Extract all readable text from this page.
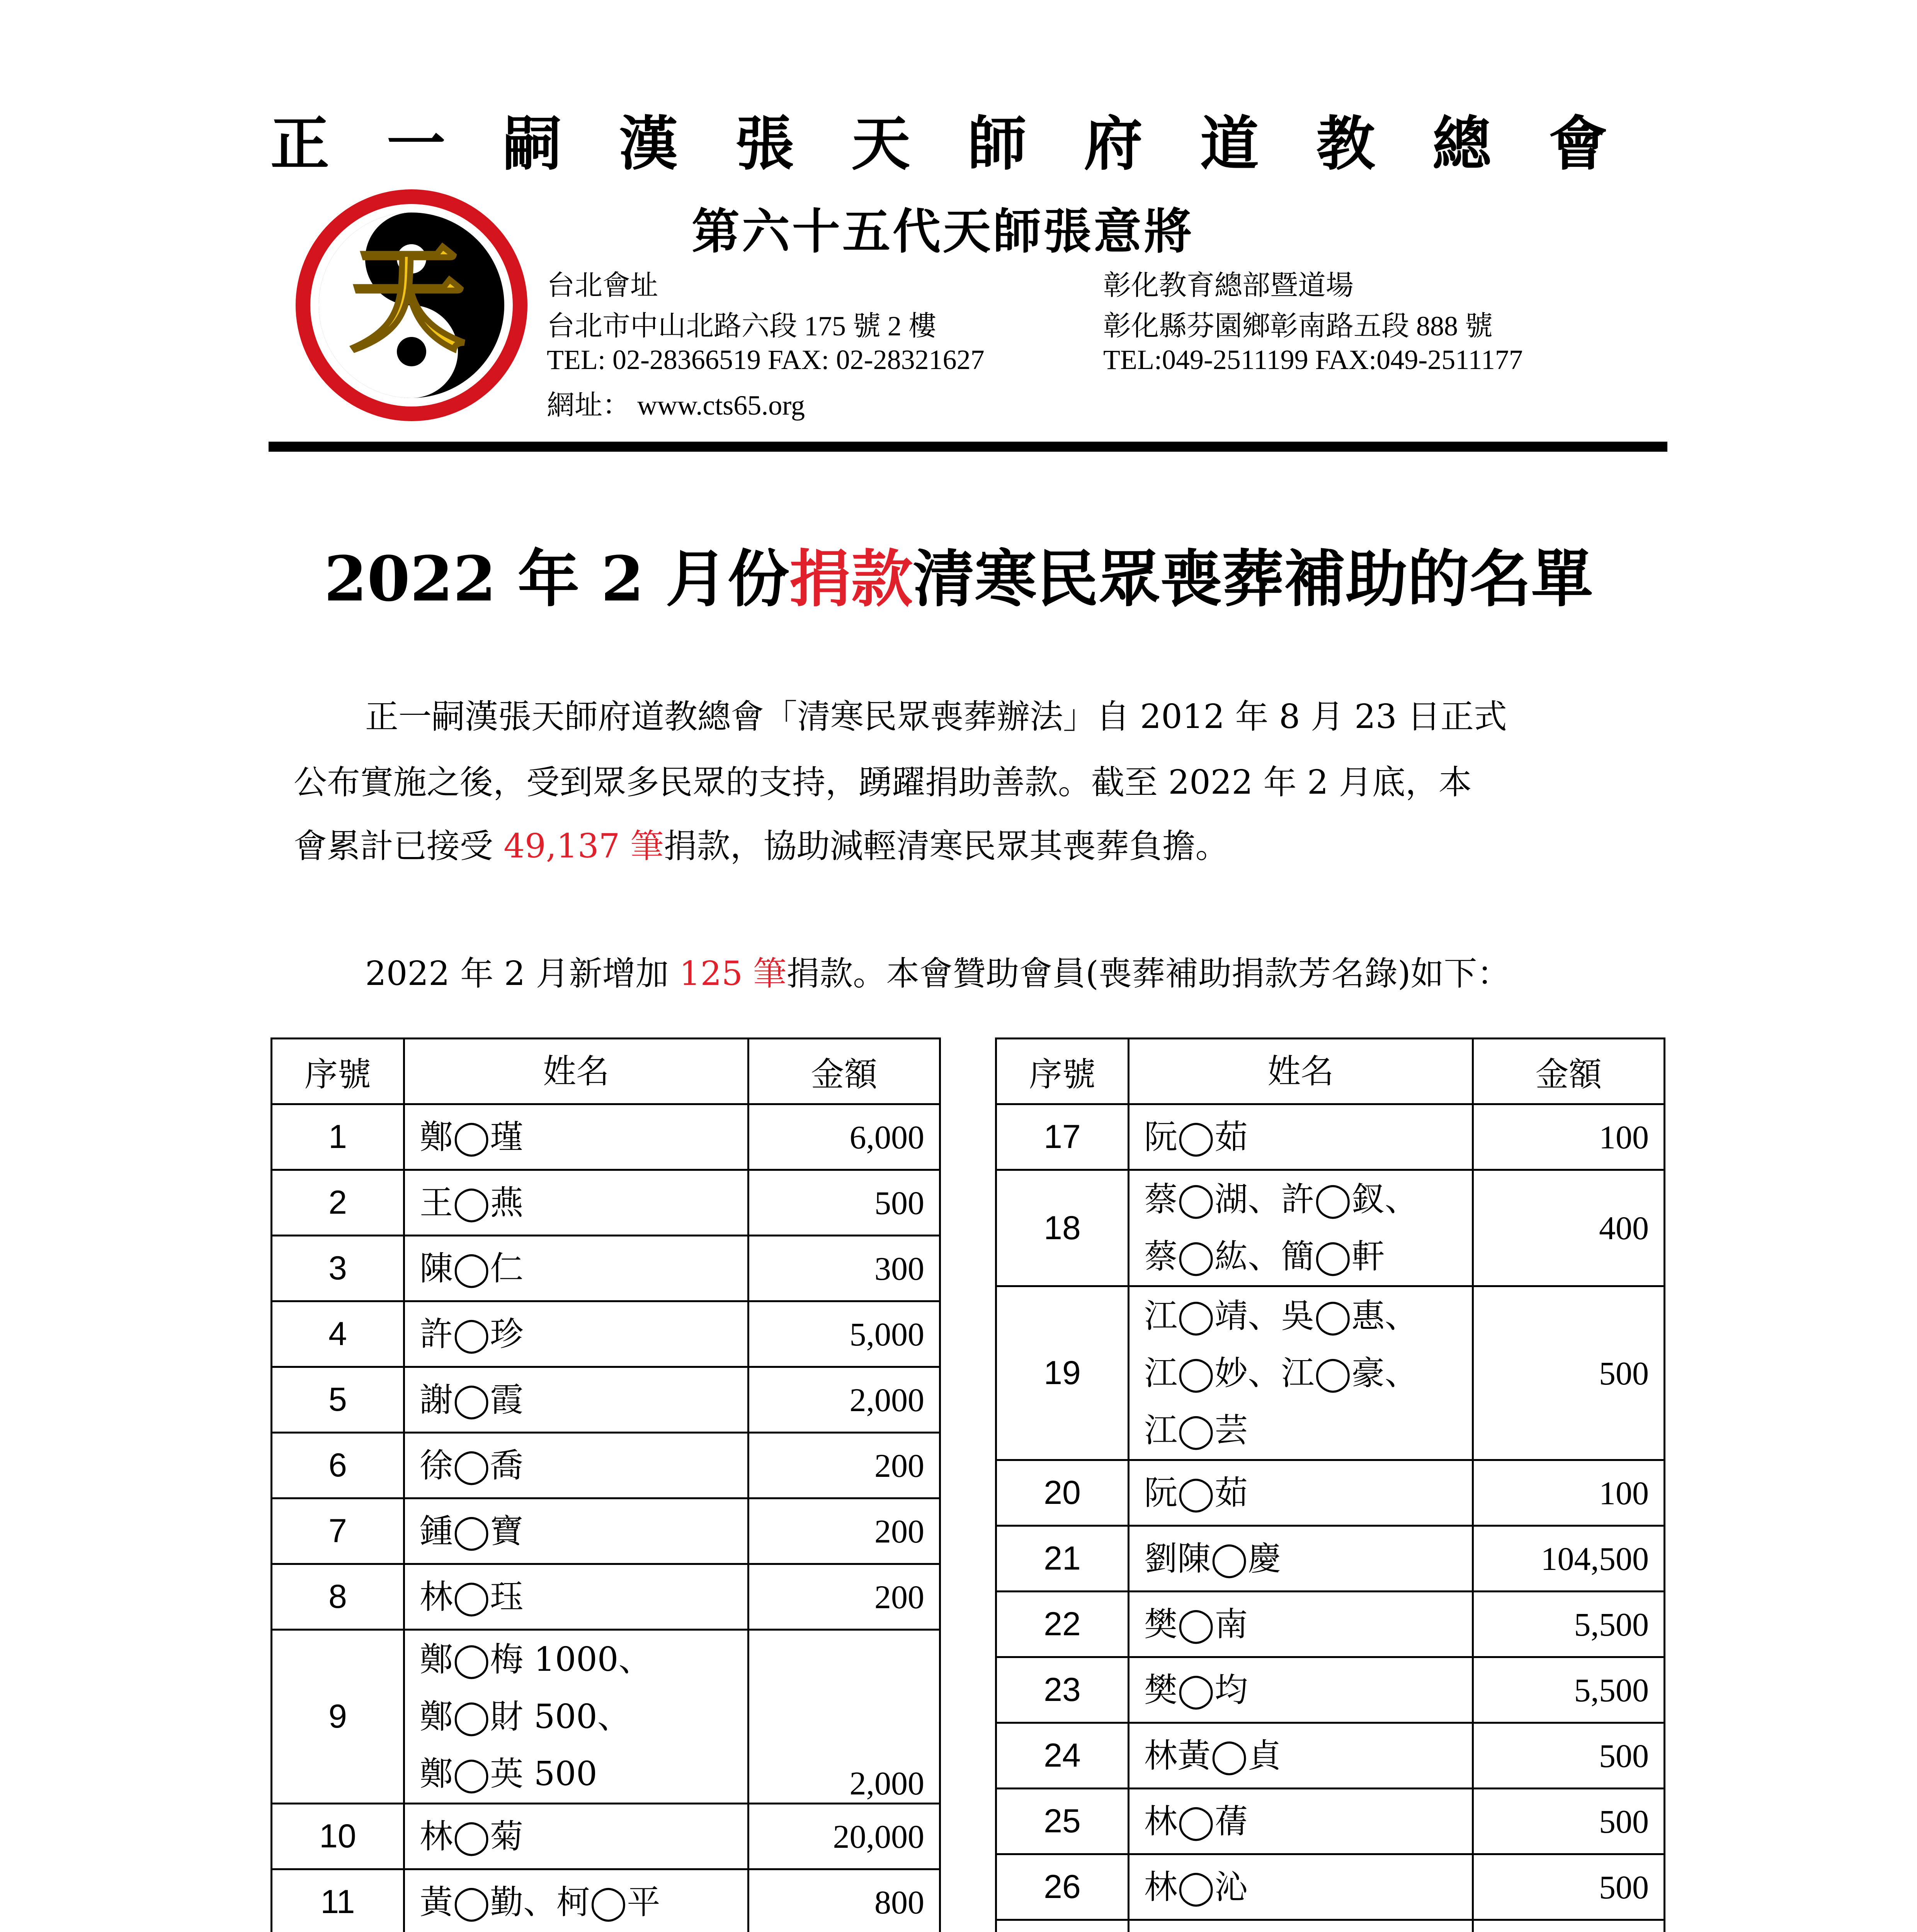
正 一 嗣 漢 張 天 師 府 道 教 總 會
天	第六十五代天師張意將
台北會址	彰化教育總部暨道場
台北市中山北路六段 175 號 2 樓	彰化縣芬園鄉彰南路五段 888 號
TEL: 02-28366519 FAX: 02-28321627	TEL:049-2511199 FAX:049-2511177
網址： www.cts65.org
2022 年 2 月份捐款清寒民眾喪葬補助的名單
正一嗣漢張天師府道教總會「清寒民眾喪葬辦法」自 2012 年 8 月 23 日正式
公布實施之後，受到眾多民眾的支持，踴躍捐助善款。截至 2022 年 2 月底，本
會累計已接受 49,137 筆捐款，協助減輕清寒民眾其喪葬負擔。
2022 年 2 月新增加 125 筆捐款。本會贊助會員(喪葬補助捐款芳名錄)如下：
序號	姓名	金額
1	鄭◯瑾	6,000
2	王◯燕	500
3	陳◯仁	300
4	許◯珍	5,000
5	謝◯霞	2,000
6	徐◯喬	200
7	鍾◯寶	200
8	林◯珏	200
9	鄭◯梅 1000、
鄭◯財 500、
鄭◯英 500	2,000
10	林◯菊	20,000
11	黃◯勤、柯◯平	800

序號	姓名	金額
17	阮◯茹	100
18	蔡◯湖、許◯釵、
蔡◯紘、簡◯軒	400
19	江◯靖、吳◯惠、
江◯妙、江◯豪、
江◯芸	500
20	阮◯茹	100
21	劉陳◯慶	104,500
22	樊◯南	5,500
23	樊◯均	5,500
24	林黃◯貞	500
25	林◯蒨	500
26	林◯沁	500
